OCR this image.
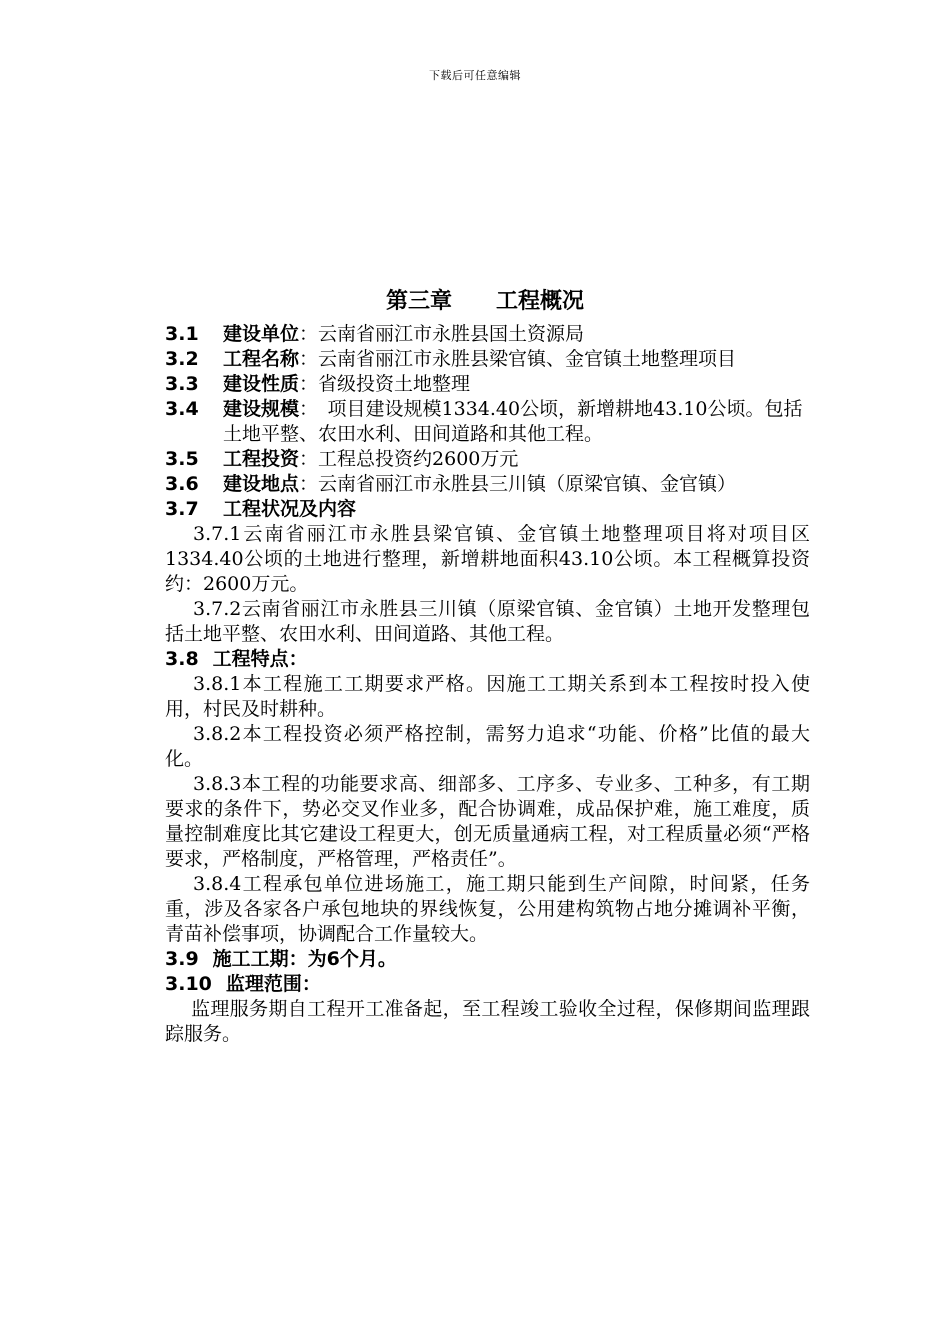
下载后可任意编辑
第三章　　工程概况
3.1	建设单位：云南省丽江市永胜县国土资源局
3.2	工程名称：云南省丽江市永胜县梁官镇、金官镇土地整理项目
3.3	建设性质：省级投资土地整理
3.4	建设规模：　项目建设规模1334.40公顷，新增耕地43.10公顷。包括土地平整、农田水利、田间道路和其他工程。
3.5	工程投资：工程总投资约2600万元
3.6	建设地点：云南省丽江市永胜县三川镇（原梁官镇、金官镇）
3.7	工程状况及内容
3.7.1云南省丽江市永胜县梁官镇、金官镇土地整理项目将对项目区1334.40公顷的土地进行整理，新增耕地面积43.10公顷。本工程概算投资约：2600万元。
3.7.2云南省丽江市永胜县三川镇（原梁官镇、金官镇）土地开发整理包括土地平整、农田水利、田间道路、其他工程。
3.8 工程特点：
3.8.1本工程施工工期要求严格。因施工工期关系到本工程按时投入使用，村民及时耕种。
3.8.2本工程投资必须严格控制，需努力追求“功能、价格”比值的最大化。
3.8.3本工程的功能要求高、细部多、工序多、专业多、工种多，有工期要求的条件下，势必交叉作业多，配合协调难，成品保护难，施工难度，质量控制难度比其它建设工程更大，创无质量通病工程，对工程质量必须“严格要求，严格制度，严格管理，严格责任”。
3.8.4工程承包单位进场施工，施工期只能到生产间隙，时间紧，任务重，涉及各家各户承包地块的界线恢复，公用建构筑物占地分摊调补平衡，青苗补偿事项，协调配合工作量较大。
3.9 施工工期：为6个月。
3.10 监理范围：
监理服务期自工程开工准备起，至工程竣工验收全过程，保修期间监理跟踪服务。
